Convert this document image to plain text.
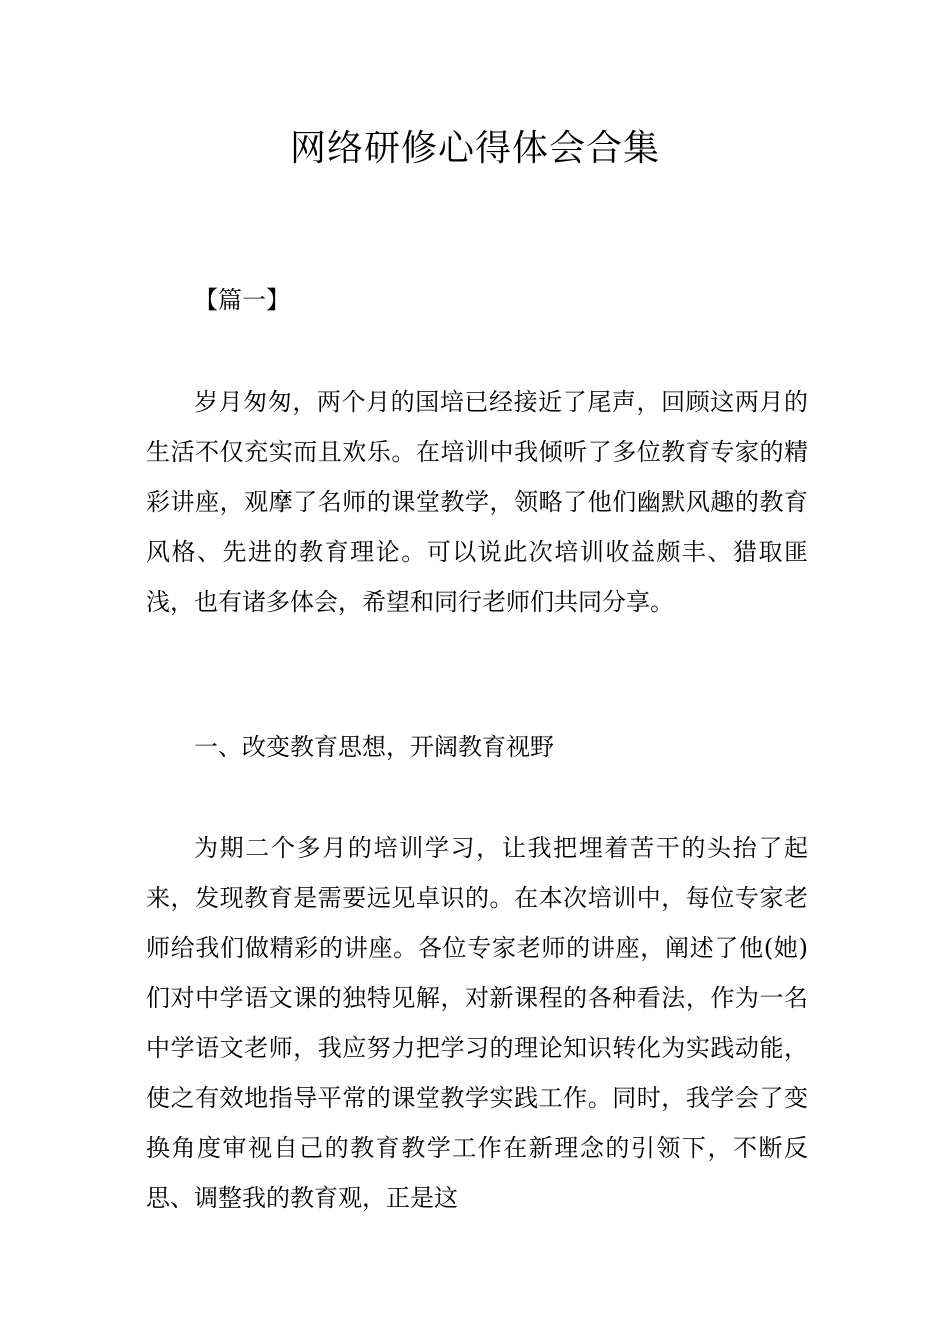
网络研修心得体会合集
【篇一】

岁月匆匆，两个月的国培已经接近了尾声，回顾这两月的生活不仅充实而且欢乐。在培训中我倾听了多位教育专家的精彩讲座，观摩了名师的课堂教学，领略了他们幽默风趣的教育风格、先进的教育理论。可以说此次培训收益颇丰、猎取匪浅，也有诸多体会，希望和同行老师们共同分享。

一、改变教育思想，开阔教育视野

为期二个多月的培训学习，让我把埋着苦干的头抬了起来，发现教育是需要远见卓识的。在本次培训中，每位专家老师给我们做精彩的讲座。各位专家老师的讲座，阐述了他(她)们对中学语文课的独特见解，对新课程的各种看法，作为一名中学语文老师，我应努力把学习的理论知识转化为实践动能，使之有效地指导平常的课堂教学实践工作。同时，我学会了变换角度审视自己的教育教学工作在新理念的引领下，不断反思、调整我的教育观，正是这
